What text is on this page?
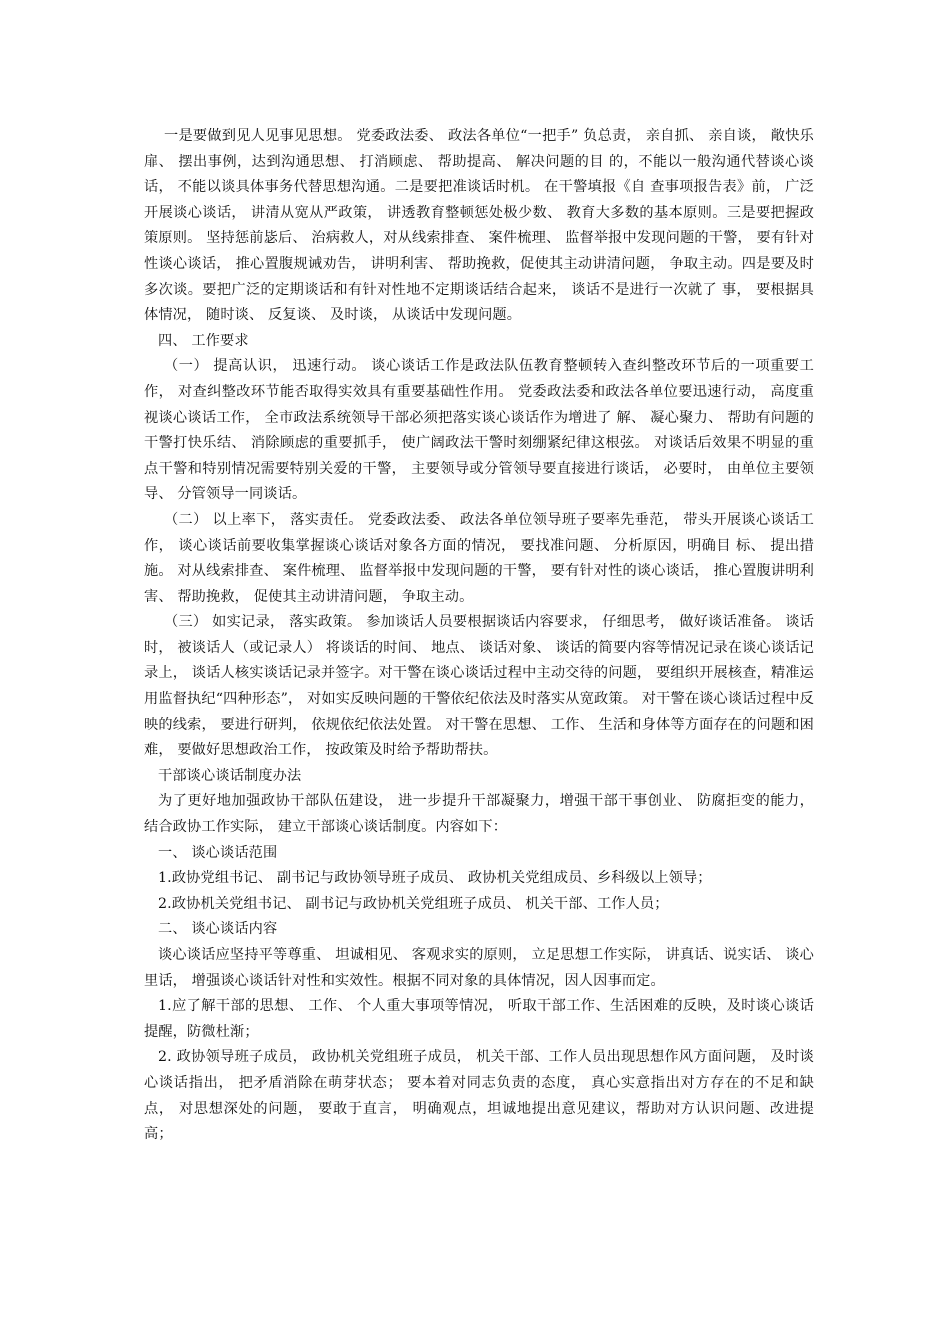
一是要做到见人见事见思想。 党委政法委、 政法各单位“一把手” 负总责， 亲自抓、 亲自谈， 敞快乐扉、 摆出事例，达到沟通思想、 打消顾虑、 帮助提高、 解决问题的目 的，不能以一般沟通代替谈心谈话， 不能以谈具体事务代替思想沟通。二是要把准谈话时机。 在干警填报《自 查事项报告表》前， 广泛开展谈心谈话， 讲清从宽从严政策， 讲透教育整顿惩处极少数、 教育大多数的基本原则。三是要把握政策原则。 坚持惩前毖后、 治病救人，对从线索排查、 案件梳理、 监督举报中发现问题的干警， 要有针对性谈心谈话， 推心置腹规诫劝告， 讲明利害、 帮助挽救，促使其主动讲清问题， 争取主动。四是要及时多次谈。要把广泛的定期谈话和有针对性地不定期谈话结合起来， 谈话不是进行一次就了 事， 要根据具体情况， 随时谈、 反复谈、 及时谈， 从谈话中发现问题。

四、 工作要求

（一） 提高认识， 迅速行动。 谈心谈话工作是政法队伍教育整顿转入查纠整改环节后的一项重要工作， 对查纠整改环节能否取得实效具有重要基础性作用。 党委政法委和政法各单位要迅速行动， 高度重视谈心谈话工作， 全市政法系统领导干部必须把落实谈心谈话作为增进了 解、 凝心聚力、 帮助有问题的干警打快乐结、 消除顾虑的重要抓手， 使广阔政法干警时刻绷紧纪律这根弦。 对谈话后效果不明显的重点干警和特别情况需要特别关爱的干警， 主要领导或分管领导要直接进行谈话， 必要时， 由单位主要领导、 分管领导一同谈话。

（二） 以上率下， 落实责任。 党委政法委、 政法各单位领导班子要率先垂范， 带头开展谈心谈话工作， 谈心谈话前要收集掌握谈心谈话对象各方面的情况， 要找准问题、 分析原因，明确目 标、 提出措施。 对从线索排查、 案件梳理、 监督举报中发现问题的干警， 要有针对性的谈心谈话， 推心置腹讲明利害、 帮助挽救， 促使其主动讲清问题， 争取主动。

（三） 如实记录， 落实政策。 参加谈话人员要根据谈话内容要求， 仔细思考， 做好谈话准备。 谈话时， 被谈话人（或记录人） 将谈话的时间、 地点、 谈话对象、 谈话的简要内容等情况记录在谈心谈话记录上， 谈话人核实谈话记录并签字。对干警在谈心谈话过程中主动交待的问题， 要组织开展核查，精准运用监督执纪“四种形态”， 对如实反映问题的干警依纪依法及时落实从宽政策。 对干警在谈心谈话过程中反映的线索， 要进行研判， 依规依纪依法处置。 对干警在思想、 工作、 生活和身体等方面存在的问题和困难， 要做好思想政治工作， 按政策及时给予帮助帮扶。

干部谈心谈话制度办法

为了更好地加强政协干部队伍建设， 进一步提升干部凝聚力，增强干部干事创业、 防腐拒变的能力， 结合政协工作实际， 建立干部谈心谈话制度。内容如下：

一、 谈心谈话范围

1.政协党组书记、 副书记与政协领导班子成员、 政协机关党组成员、乡科级以上领导；

2.政协机关党组书记、 副书记与政协机关党组班子成员、 机关干部、工作人员；

二、 谈心谈话内容

谈心谈话应坚持平等尊重、 坦诚相见、 客观求实的原则， 立足思想工作实际， 讲真话、说实话、 谈心里话， 增强谈心谈话针对性和实效性。根据不同对象的具体情况，因人因事而定。

1.应了解干部的思想、 工作、 个人重大事项等情况， 听取干部工作、生活困难的反映，及时谈心谈话提醒，防微杜渐；

2. 政协领导班子成员， 政协机关党组班子成员， 机关干部、工作人员出现思想作风方面问题， 及时谈心谈话指出， 把矛盾消除在萌芽状态； 要本着对同志负责的态度， 真心实意指出对方存在的不足和缺点， 对思想深处的问题， 要敢于直言， 明确观点，坦诚地提出意见建议，帮助对方认识问题、改进提高；
